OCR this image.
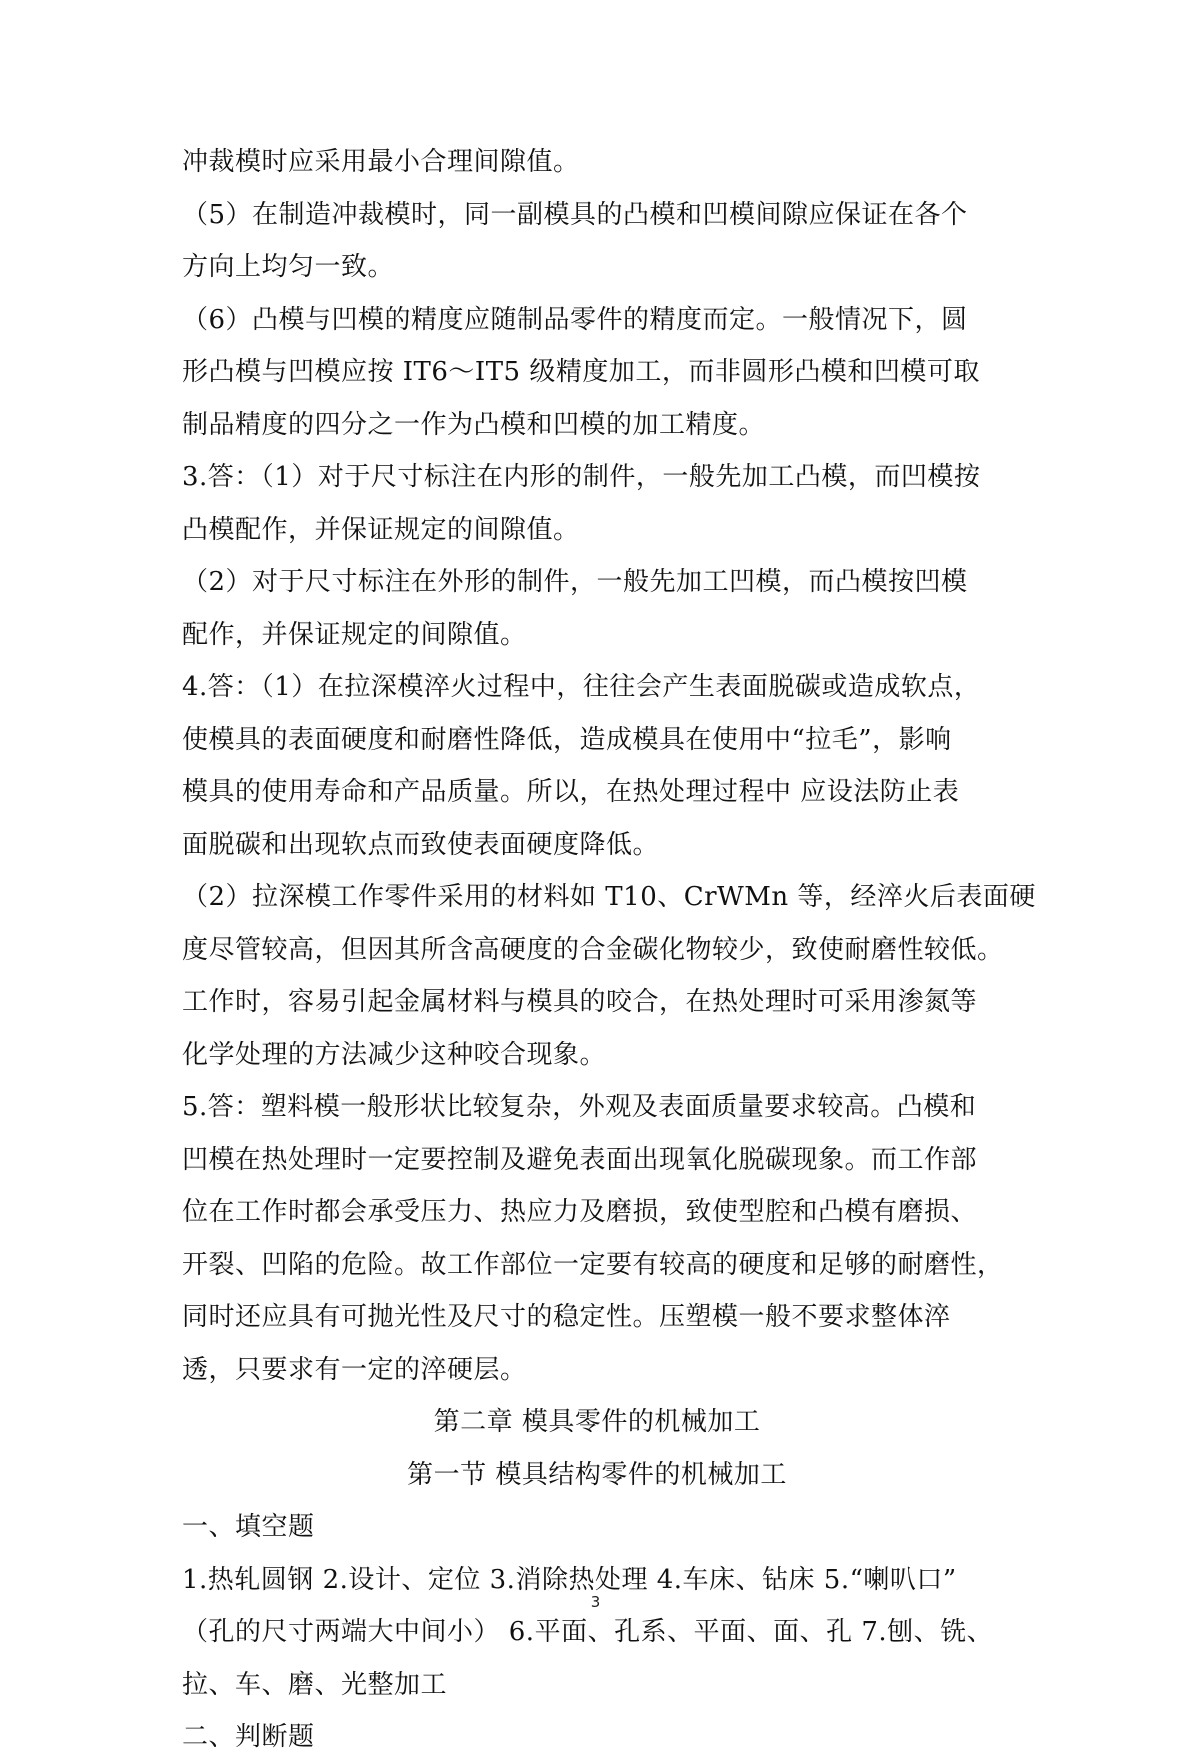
冲裁模时应采用最小合理间隙值。
（5）在制造冲裁模时，同一副模具的凸模和凹模间隙应保证在各个
方向上均匀一致。
（6）凸模与凹模的精度应随制品零件的精度而定。一般情况下，圆
形凸模与凹模应按 IT6～IT5 级精度加工，而非圆形凸模和凹模可取
制品精度的四分之一作为凸模和凹模的加工精度。
3.答：（1）对于尺寸标注在内形的制件，一般先加工凸模，而凹模按
凸模配作，并保证规定的间隙值。
（2）对于尺寸标注在外形的制件，一般先加工凹模，而凸模按凹模
配作，并保证规定的间隙值。
4.答：（1）在拉深模淬火过程中，往往会产生表面脱碳或造成软点，
使模具的表面硬度和耐磨性降低，造成模具在使用中“拉毛”，影响
模具的使用寿命和产品质量。所以，在热处理过程中 应设法防止表
面脱碳和出现软点而致使表面硬度降低。
（2）拉深模工作零件采用的材料如 T10、CrWMn 等，经淬火后表面硬
度尽管较高，但因其所含高硬度的合金碳化物较少，致使耐磨性较低。
工作时，容易引起金属材料与模具的咬合，在热处理时可采用渗氮等
化学处理的方法减少这种咬合现象。
5.答：塑料模一般形状比较复杂，外观及表面质量要求较高。凸模和
凹模在热处理时一定要控制及避免表面出现氧化脱碳现象。而工作部
位在工作时都会承受压力、热应力及磨损，致使型腔和凸模有磨损、
开裂、凹陷的危险。故工作部位一定要有较高的硬度和足够的耐磨性，
同时还应具有可抛光性及尺寸的稳定性。压塑模一般不要求整体淬
透，只要求有一定的淬硬层。
第二章 模具零件的机械加工
第一节 模具结构零件的机械加工
一、填空题
1.热轧圆钢 2.设计、定位 3.消除热处理 4.车床、钻床 5.“喇叭口”
（孔的尺寸两端大中间小） 6.平面、孔系、平面、面、孔 7.刨、铣、
拉、车、磨、光整加工
二、判断题
3
